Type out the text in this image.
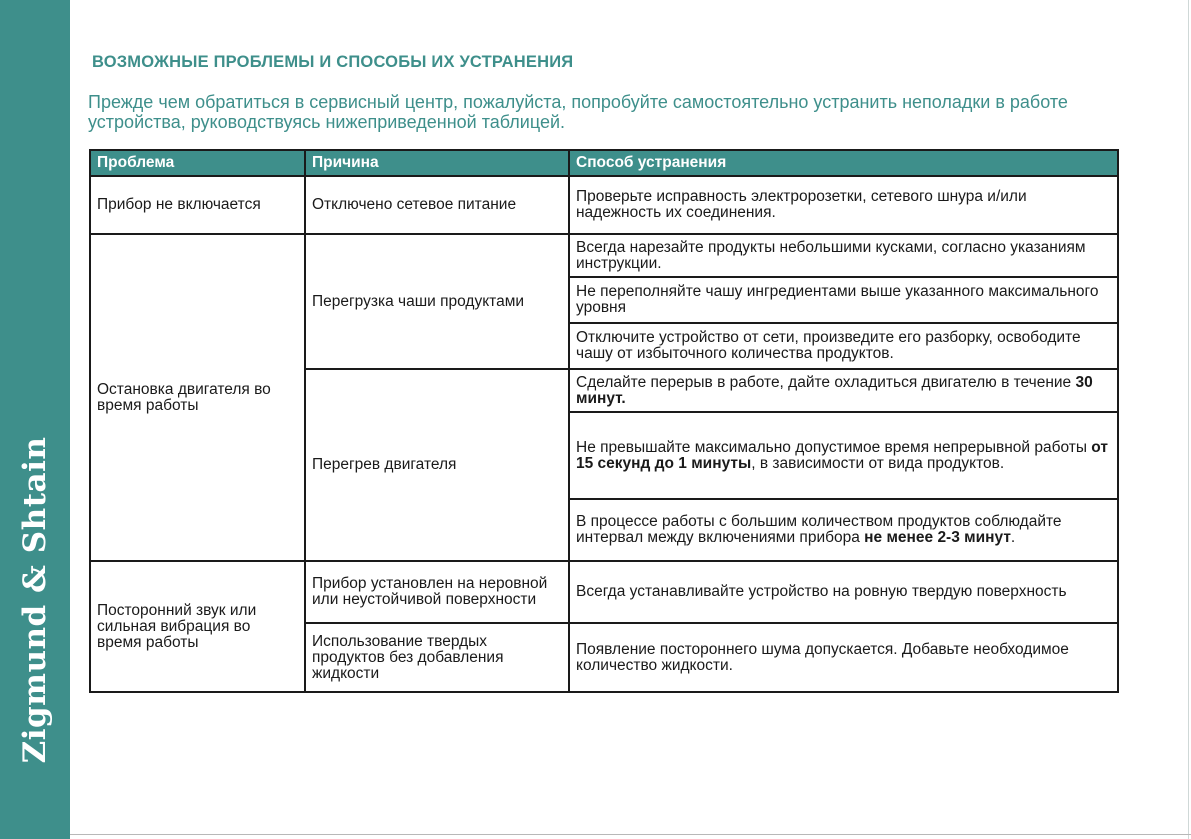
Zigmund & Shtain
ВОЗМОЖНЫЕ ПРОБЛЕМЫ И СПОСОБЫ ИХ УСТРАНЕНИЯ
Прежде чем обратиться в сервисный центр, пожалуйста, попробуйте самостоятельно устранить неполадки в работе устройства, руководствуясь нижеприведенной таблицей.
Проблема	Причина	Способ устранения
Прибор не включается	Отключено сетевое питание	Проверьте исправность электророзетки, сетевого шнура и/или надежность их соединения.
Остановка двигателя во время работы	Перегрузка чаши продуктами	Всегда нарезайте продукты небольшими кусками, согласно указаниям инструкции.
		Не переполняйте чашу ингредиентами выше указанного максимального уровня
		Отключите устройство от сети, произведите его разборку, освободите чашу от избыточного количества продуктов.
	Перегрев двигателя	Сделайте перерыв в работе, дайте охладиться двигателю в течение 30 минут.
		Не превышайте максимально допустимое время непрерывной работы от 15 секунд до 1 минуты, в зависимости от вида продуктов.
		В процессе работы с большим количеством продуктов соблюдайте интервал между включениями прибора не менее 2-3 минут.
Посторонний звук или сильная вибрация во время работы	Прибор установлен на неровной или неустойчивой поверхности	Всегда устанавливайте устройство на ровную твердую поверхность
	Использование твердых продуктов без добавления жидкости	Появление постороннего шума допускается. Добавьте необходимое количество жидкости.
